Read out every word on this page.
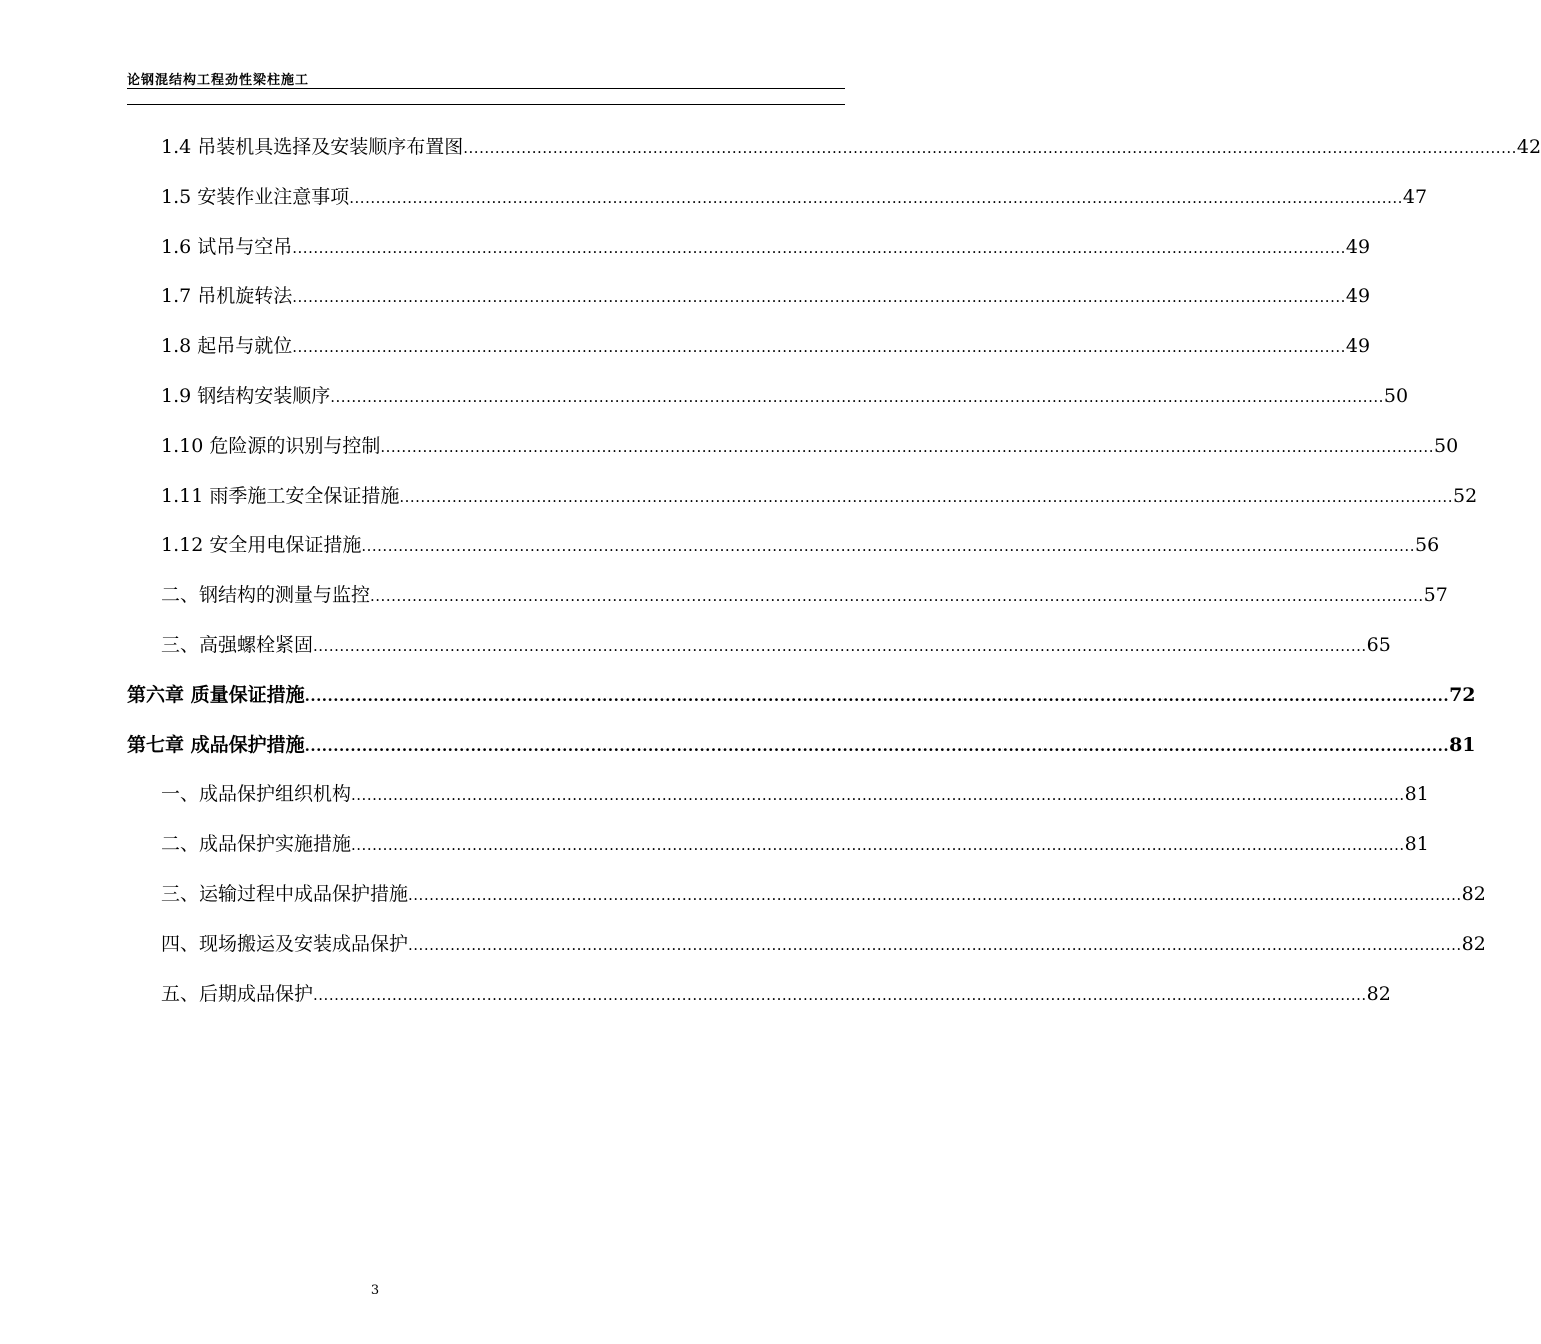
论钢混结构工程劲性梁柱施工
1.4 吊装机具选择及安装顺序布置图 ........................................................................................................................................................................................................ 42
1.5 安装作业注意事项 ........................................................................................................................................................................................................ 47
1.6 试吊与空吊 ........................................................................................................................................................................................................ 49
1.7 吊机旋转法 ........................................................................................................................................................................................................ 49
1.8 起吊与就位 ........................................................................................................................................................................................................ 49
1.9 钢结构安装顺序 ........................................................................................................................................................................................................ 50
1.10 危险源的识别与控制 ........................................................................................................................................................................................................ 50
1.11 雨季施工安全保证措施 ........................................................................................................................................................................................................ 52
1.12 安全用电保证措施 ........................................................................................................................................................................................................ 56
二、钢结构的测量与监控 ........................................................................................................................................................................................................ 57
三、高强螺栓紧固 ........................................................................................................................................................................................................ 65
第六章 质量保证措施 ........................................................................................................................................................................................................ 72
第七章 成品保护措施 ........................................................................................................................................................................................................ 81
一、成品保护组织机构 ........................................................................................................................................................................................................ 81
二、成品保护实施措施 ........................................................................................................................................................................................................ 81
三、运输过程中成品保护措施 ........................................................................................................................................................................................................ 82
四、现场搬运及安装成品保护 ........................................................................................................................................................................................................ 82
五、后期成品保护 ........................................................................................................................................................................................................ 82
3
